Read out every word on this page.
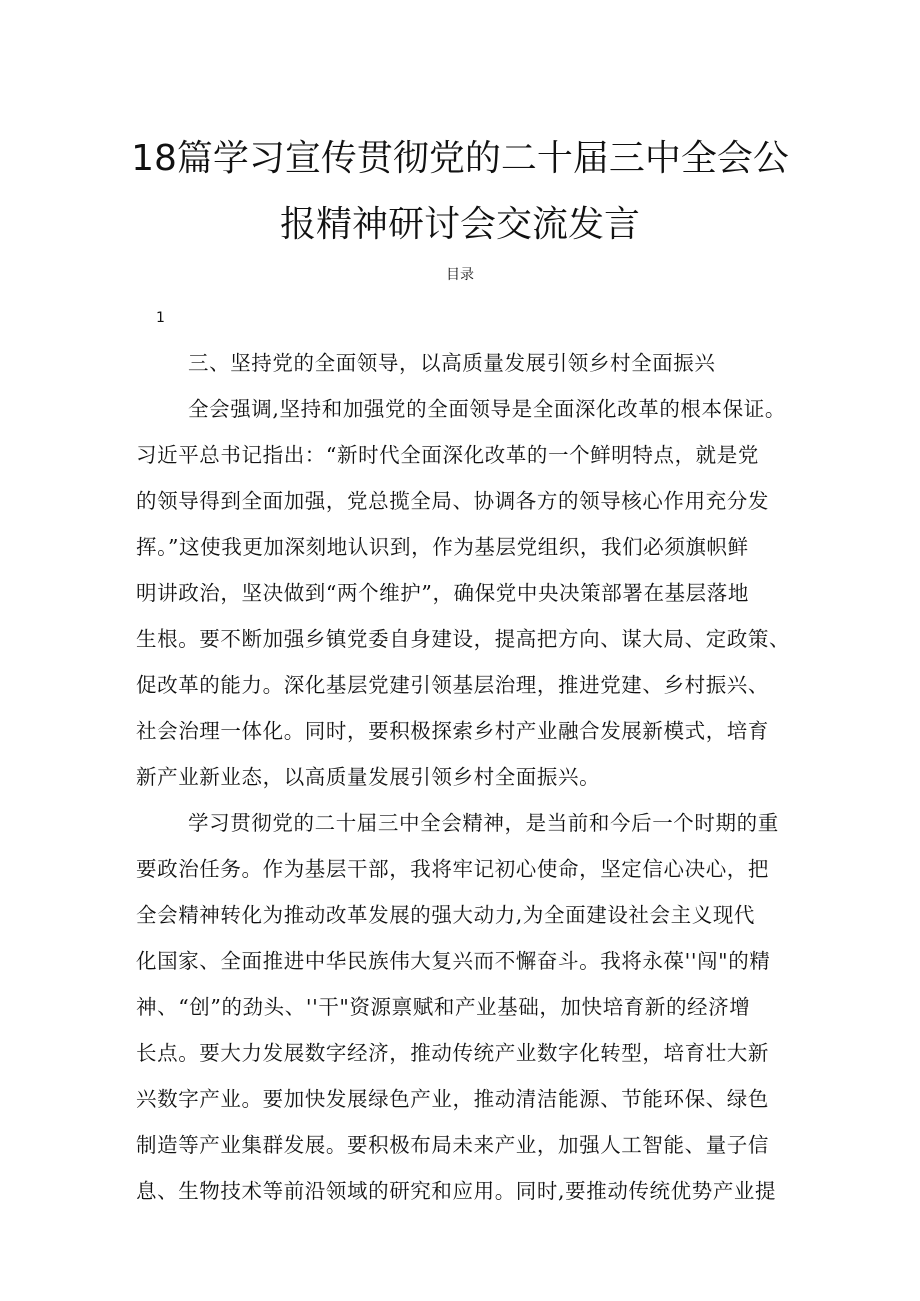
18篇学习宣传贯彻党的二十届三中全会公
报精神研讨会交流发言
目录
1
三、坚持党的全面领导，以高质量发展引领乡村全面振兴
全会强调,坚持和加强党的全面领导是全面深化改革的根本保证。
习近平总书记指出：“新时代全面深化改革的一个鲜明特点，就是党
的领导得到全面加强，党总揽全局、协调各方的领导核心作用充分发
挥。”这使我更加深刻地认识到，作为基层党组织，我们必须旗帜鲜
明讲政治，坚决做到“两个维护”，确保党中央决策部署在基层落地
生根。要不断加强乡镇党委自身建设，提高把方向、谋大局、定政策、
促改革的能力。深化基层党建引领基层治理，推进党建、乡村振兴、
社会治理一体化。同时，要积极探索乡村产业融合发展新模式，培育
新产业新业态，以高质量发展引领乡村全面振兴。
学习贯彻党的二十届三中全会精神，是当前和今后一个时期的重
要政治任务。作为基层干部，我将牢记初心使命，坚定信心决心，把
全会精神转化为推动改革发展的强大动力,为全面建设社会主义现代
化国家、全面推进中华民族伟大复兴而不懈奋斗。我将永葆''闯"的精
神、“创”的劲头、''干"资源禀赋和产业基础，加快培育新的经济增
长点。要大力发展数字经济，推动传统产业数字化转型，培育壮大新
兴数字产业。要加快发展绿色产业，推动清洁能源、节能环保、绿色
制造等产业集群发展。要积极布局未来产业，加强人工智能、量子信
息、生物技术等前沿领域的研究和应用。同时,要推动传统优势产业提
